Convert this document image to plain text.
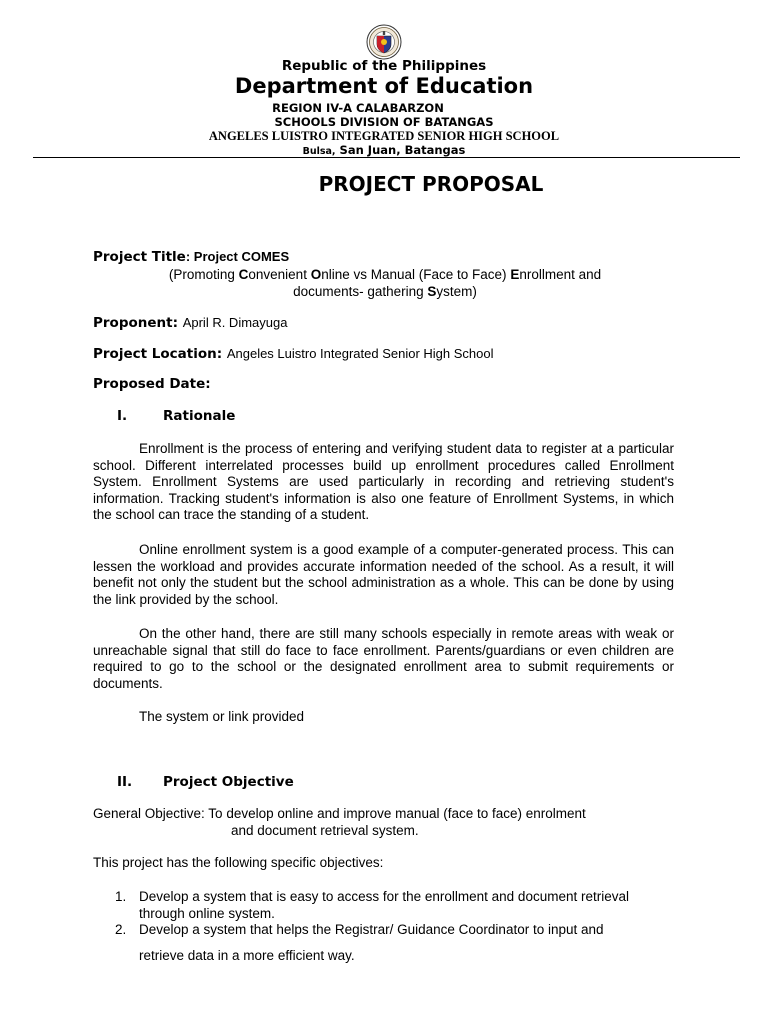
Republic of the Philippines
Department of Education
REGION IV-A CALABARZON
SCHOOLS DIVISION OF BATANGAS
ANGELES LUISTRO INTEGRATED SENIOR HIGH SCHOOL
Bulsa, San Juan, Batangas
PROJECT PROPOSAL
Project Title: Project COMES
(Promoting Convenient Online vs Manual (Face to Face) Enrollment and
documents- gathering System)
Proponent: April R. Dimayuga
Project Location: Angeles Luistro Integrated Senior High School
Proposed Date:
I.	Rationale
Enrollment is the process of entering and verifying student data to register at a particular school. Different interrelated processes build up enrollment procedures called Enrollment System. Enrollment Systems are used particularly in recording and retrieving student's information. Tracking student's information is also one feature of Enrollment Systems, in which the school can trace the standing of a student.
Online enrollment system is a good example of a computer-generated process. This can lessen the workload and provides accurate information needed of the school. As a result, it will benefit not only the student but the school administration as a whole. This can be done by using the link provided by the school.
On the other hand, there are still many schools especially in remote areas with weak or unreachable signal that still do face to face enrollment. Parents/guardians or even children are required to go to the school or the designated enrollment area to submit requirements or documents.
The system or link provided
II. Project Objective
General Objective: To develop online and improve manual (face to face) enrolment
and document retrieval system.
This project has the following specific objectives:
1. Develop a system that is easy to access for the enrollment and document retrieval through online system.
2. Develop a system that helps the Registrar/ Guidance Coordinator to input and
retrieve data in a more efficient way.
